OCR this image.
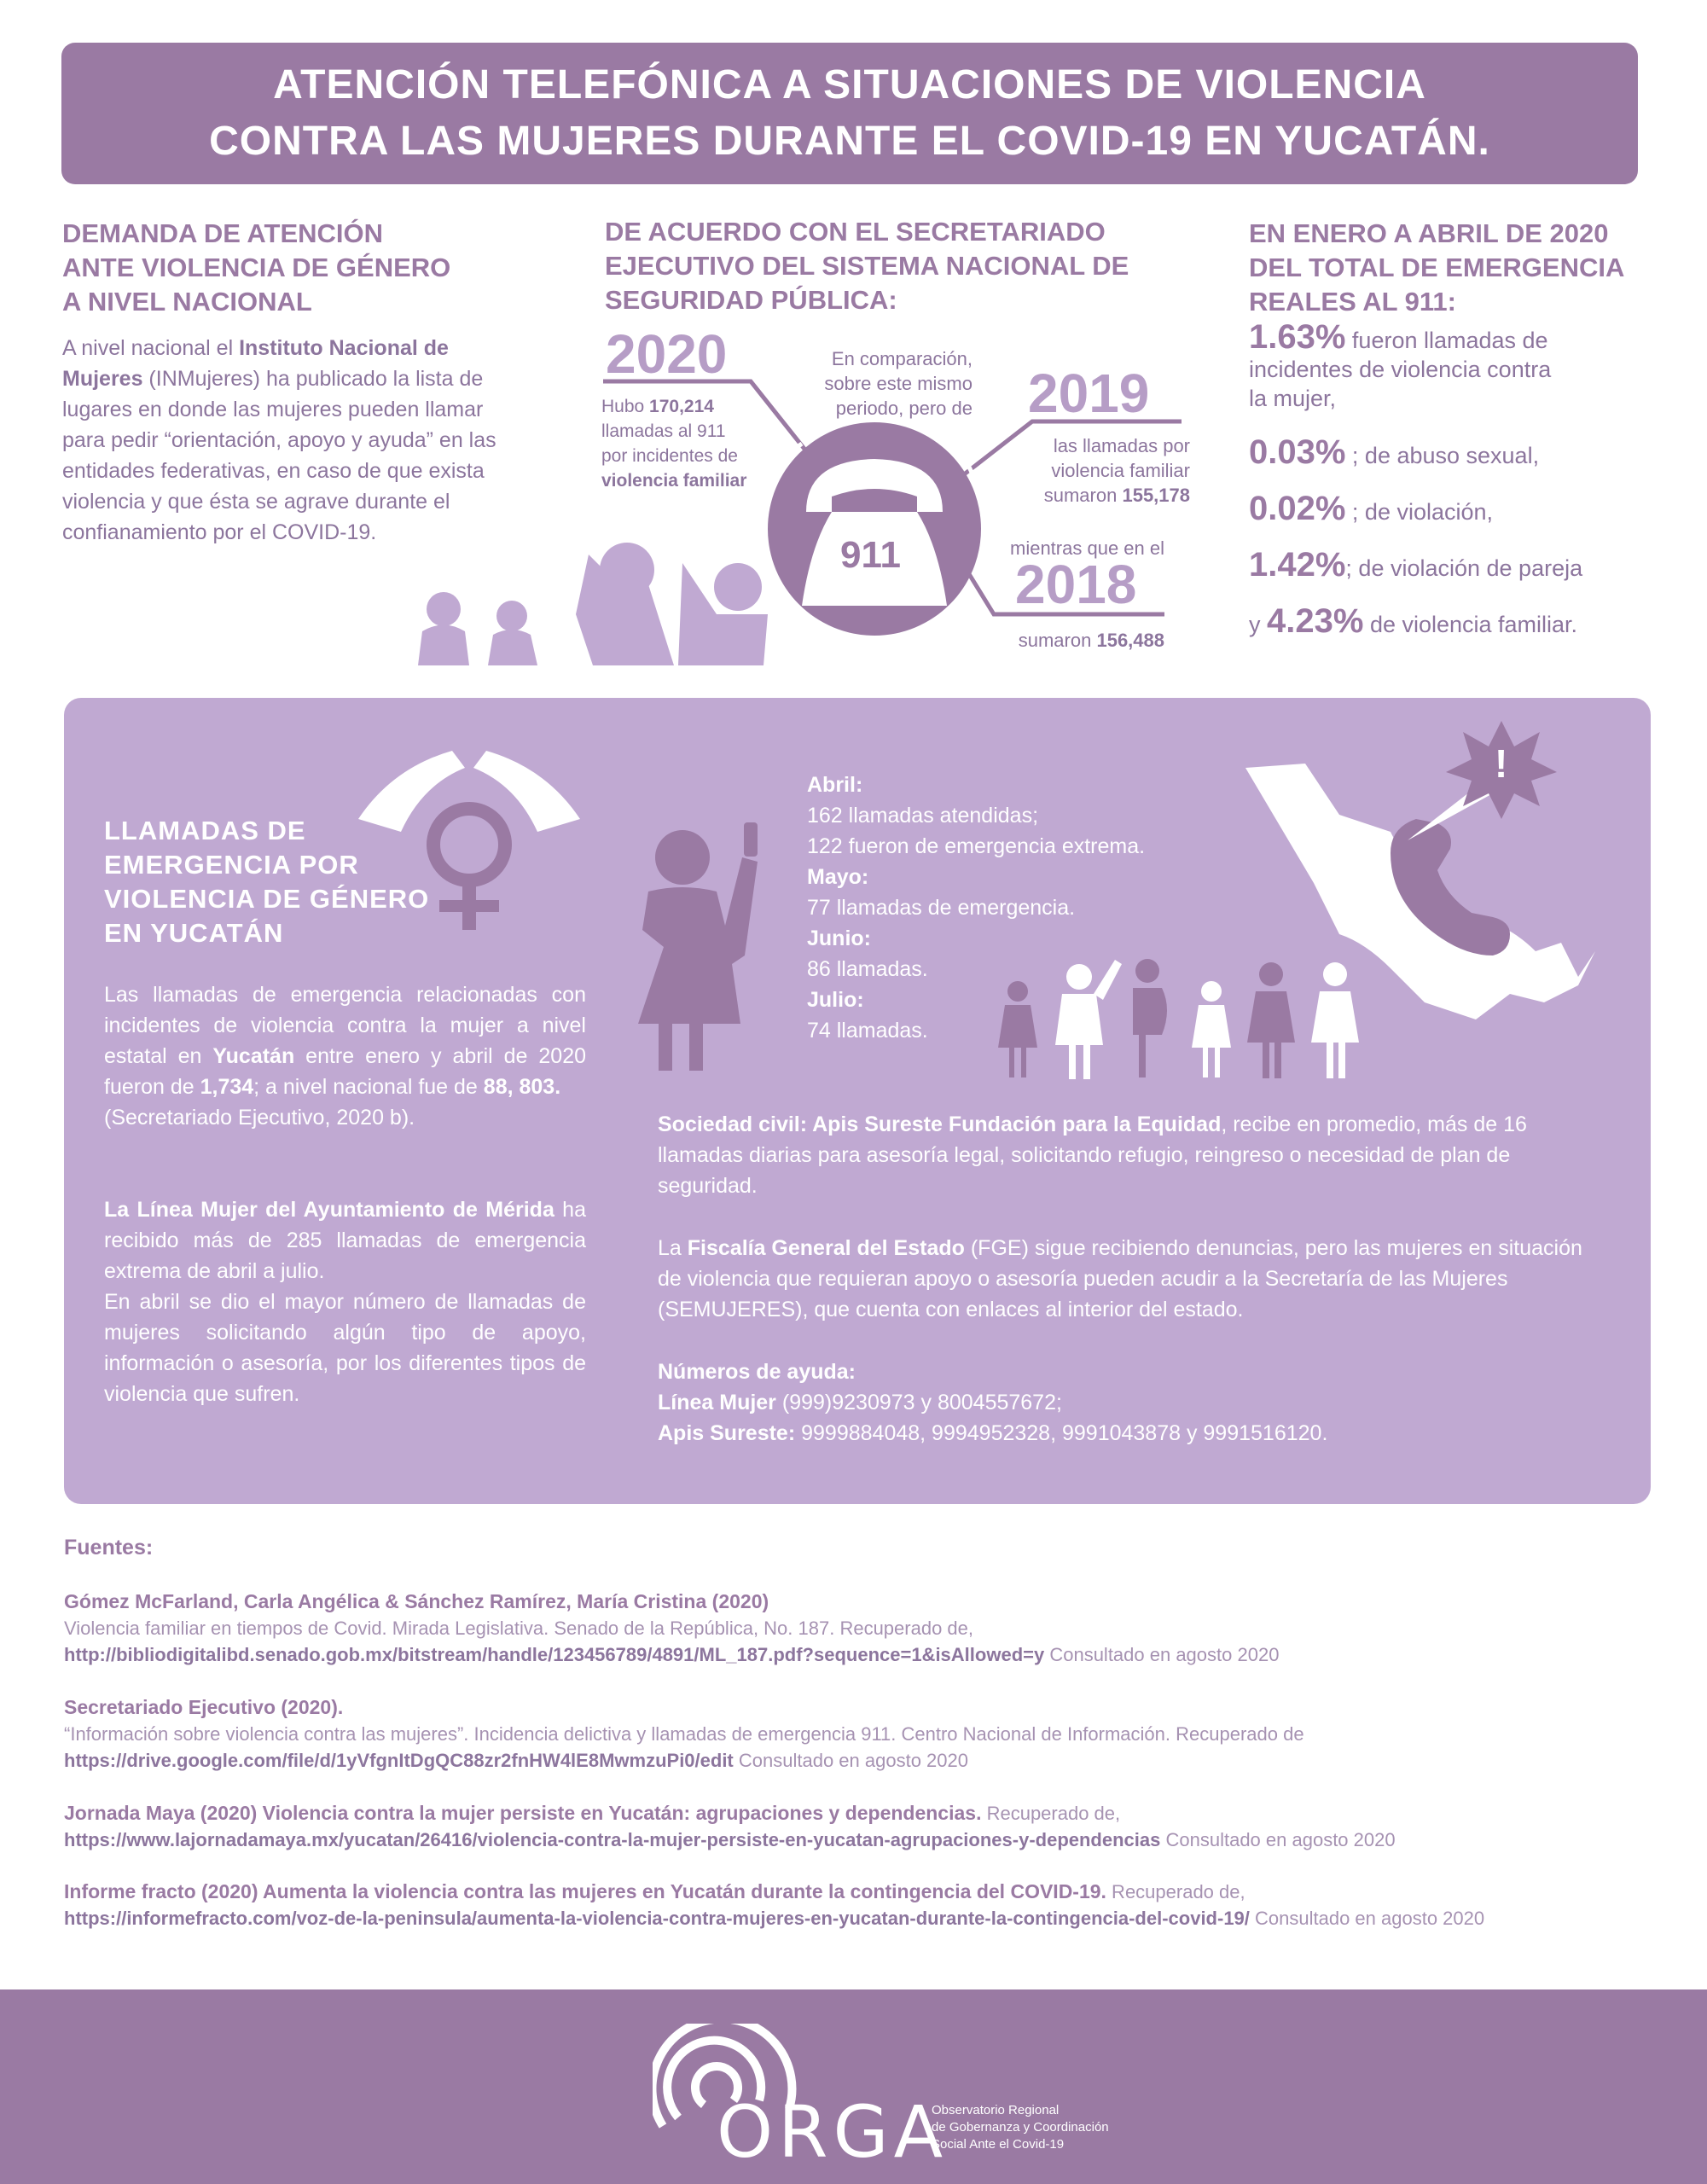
ATENCIÓN TELEFÓNICA A SITUACIONES DE VIOLENCIA
CONTRA LAS MUJERES DURANTE EL COVID-19 EN YUCATÁN.
DEMANDA DE ATENCIÓN
ANTE VIOLENCIA DE GÉNERO
A NIVEL NACIONAL
A nivel nacional el Instituto Nacional de Mujeres (INMujeres) ha publicado la lista de lugares en donde las mujeres pueden llamar para pedir “orientación, apoyo y ayuda” en las entidades federativas, en caso de que exista violencia y que ésta se agrave durante el confianamiento por el COVID-19.
DE ACUERDO CON EL SECRETARIADO
EJECUTIVO DEL SISTEMA NACIONAL DE
SEGURIDAD PÚBLICA:
2020
Hubo 170,214
llamadas al 911
por incidentes de
violencia familiar
En comparación,
sobre este mismo
periodo, pero de 2019
las llamadas por
violencia familiar
sumaron 155,178
911	mientras que en el
2018
sumaron 156,488
EN ENERO A ABRIL DE 2020
DEL TOTAL DE EMERGENCIA
REALES AL 911:
1.63% fueron llamadas de
incidentes de violencia contra
la mujer,
0.03% ; de abuso sexual,
0.02% ; de violación,
1.42%; de violación de pareja
y 4.23% de violencia familiar.
!
LLAMADAS DE
EMERGENCIA POR
VIOLENCIA DE GÉNERO
EN YUCATÁN
Las llamadas de emergencia relacionadas con incidentes de violencia contra la mujer a nivel estatal en Yucatán entre enero y abril de 2020 fueron de 1,734; a nivel nacional fue de 88, 803.
(Secretariado Ejecutivo, 2020 b).
La Línea Mujer del Ayuntamiento de Mérida ha recibido más de 285 llamadas de emergencia extrema de abril a julio.
En abril se dio el mayor número de llamadas de mujeres solicitando algún tipo de apoyo, información o asesoría, por los diferentes tipos de violencia que sufren.
Abril:
162 llamadas atendidas;
122 fueron de emergencia extrema.
Mayo:
77 llamadas de emergencia.
Junio:
86 llamadas.
Julio:
74 llamadas.
Sociedad civil: Apis Sureste Fundación para la Equidad, recibe en promedio, más de 16 llamadas diarias para asesoría legal, solicitando refugio, reingreso o necesidad de plan de seguridad.
La Fiscalía General del Estado (FGE) sigue recibiendo denuncias, pero las mujeres en situación de violencia que requieran apoyo o asesoría pueden acudir a la Secretaría de las Mujeres (SEMUJERES), que cuenta con enlaces al interior del estado.
Números de ayuda:
Línea Mujer (999)9230973 y 8004557672;
Apis Sureste: 9999884048, 9994952328, 9991043878 y 9991516120.
Fuentes:
Gómez McFarland, Carla Angélica & Sánchez Ramírez, María Cristina (2020)
Violencia familiar en tiempos de Covid. Mirada Legislativa. Senado de la República, No. 187. Recuperado de,
http://bibliodigitalibd.senado.gob.mx/bitstream/handle/123456789/4891/ML_187.pdf?sequence=1&isAllowed=y Consultado en agosto 2020
Secretariado Ejecutivo (2020).
“Información sobre violencia contra las mujeres”. Incidencia delictiva y llamadas de emergencia 911. Centro Nacional de Información. Recuperado de
https://drive.google.com/file/d/1yVfgnItDgQC88zr2fnHW4lE8MwmzuPi0/edit Consultado en agosto 2020
Jornada Maya (2020) Violencia contra la mujer persiste en Yucatán: agrupaciones y dependencias. Recuperado de,
https://www.lajornadamaya.mx/yucatan/26416/violencia-contra-la-mujer-persiste-en-yucatan-agrupaciones-y-dependencias Consultado en agosto 2020
Informe fracto (2020) Aumenta la violencia contra las mujeres en Yucatán durante la contingencia del COVID-19. Recuperado de,
https://informefracto.com/voz-de-la-peninsula/aumenta-la-violencia-contra-mujeres-en-yucatan-durante-la-contingencia-del-covid-19/ Consultado en agosto 2020
ORGA
Observatorio Regional
de Gobernanza y Coordinación
Social Ante el Covid-19
